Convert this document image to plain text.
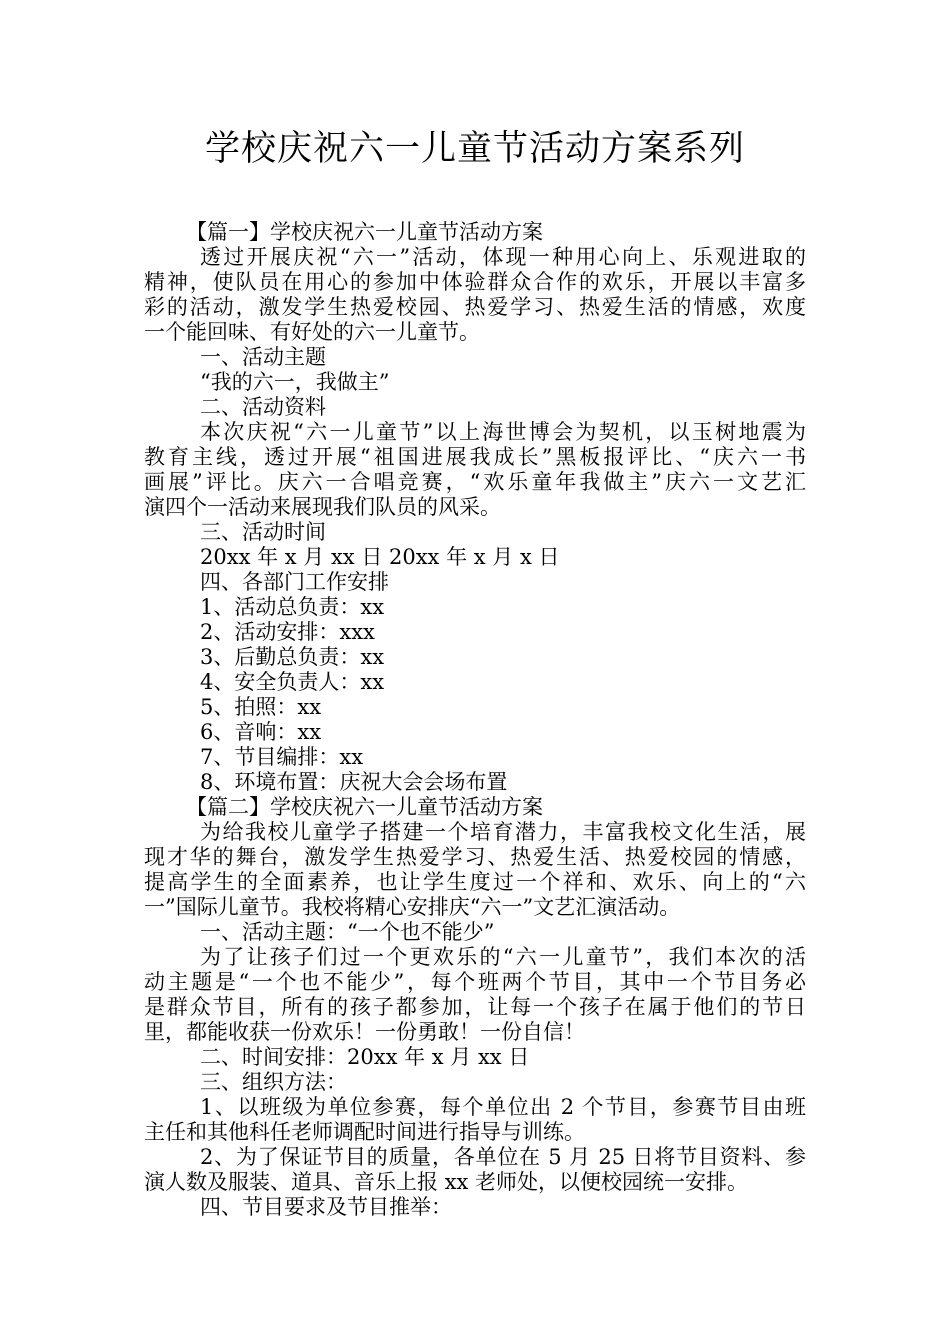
学校庆祝六一儿童节活动方案系列

【篇一】学校庆祝六一儿童节活动方案

透过开展庆祝“六一”活动，体现一种用心向上、乐观进取的

精神，使队员在用心的参加中体验群众合作的欢乐，开展以丰富多

彩的活动，激发学生热爱校园、热爱学习、热爱生活的情感，欢度

一个能回味、有好处的六一儿童节。

一、活动主题

“我的六一，我做主”

二、活动资料

本次庆祝“六一儿童节”以上海世博会为契机，以玉树地震为

教育主线，透过开展“祖国进展我成长”黑板报评比、“庆六一书

画展”评比。庆六一合唱竞赛，“欢乐童年我做主”庆六一文艺汇

演四个一活动来展现我们队员的风采。

三、活动时间

20xx 年 x 月 xx 日 20xx 年 x 月 x 日

四、各部门工作安排

1、活动总负责：xx

2、活动安排：xxx

3、后勤总负责：xx

4、安全负责人：xx

5、拍照：xx

6、音响：xx

7、节目编排：xx

8、环境布置：庆祝大会会场布置

【篇二】学校庆祝六一儿童节活动方案

为给我校儿童学子搭建一个培育潜力，丰富我校文化生活，展

现才华的舞台，激发学生热爱学习、热爱生活、热爱校园的情感，

提高学生的全面素养，也让学生度过一个祥和、欢乐、向上的“六

一”国际儿童节。我校将精心安排庆“六一”文艺汇演活动。

一、活动主题：“一个也不能少”

为了让孩子们过一个更欢乐的“六一儿童节”，我们本次的活

动主题是“一个也不能少”，每个班两个节目，其中一个节目务必

是群众节目，所有的孩子都参加，让每一个孩子在属于他们的节日

里，都能收获一份欢乐！一份勇敢！一份自信！

二、时间安排：20xx 年 x 月 xx 日

三、组织方法：

1、以班级为单位参赛，每个单位出 2 个节目，参赛节目由班

主任和其他科任老师调配时间进行指导与训练。

2、为了保证节目的质量，各单位在 5 月 25 日将节目资料、参

演人数及服装、道具、音乐上报 xx 老师处，以便校园统一安排。

四、节目要求及节目推举：
